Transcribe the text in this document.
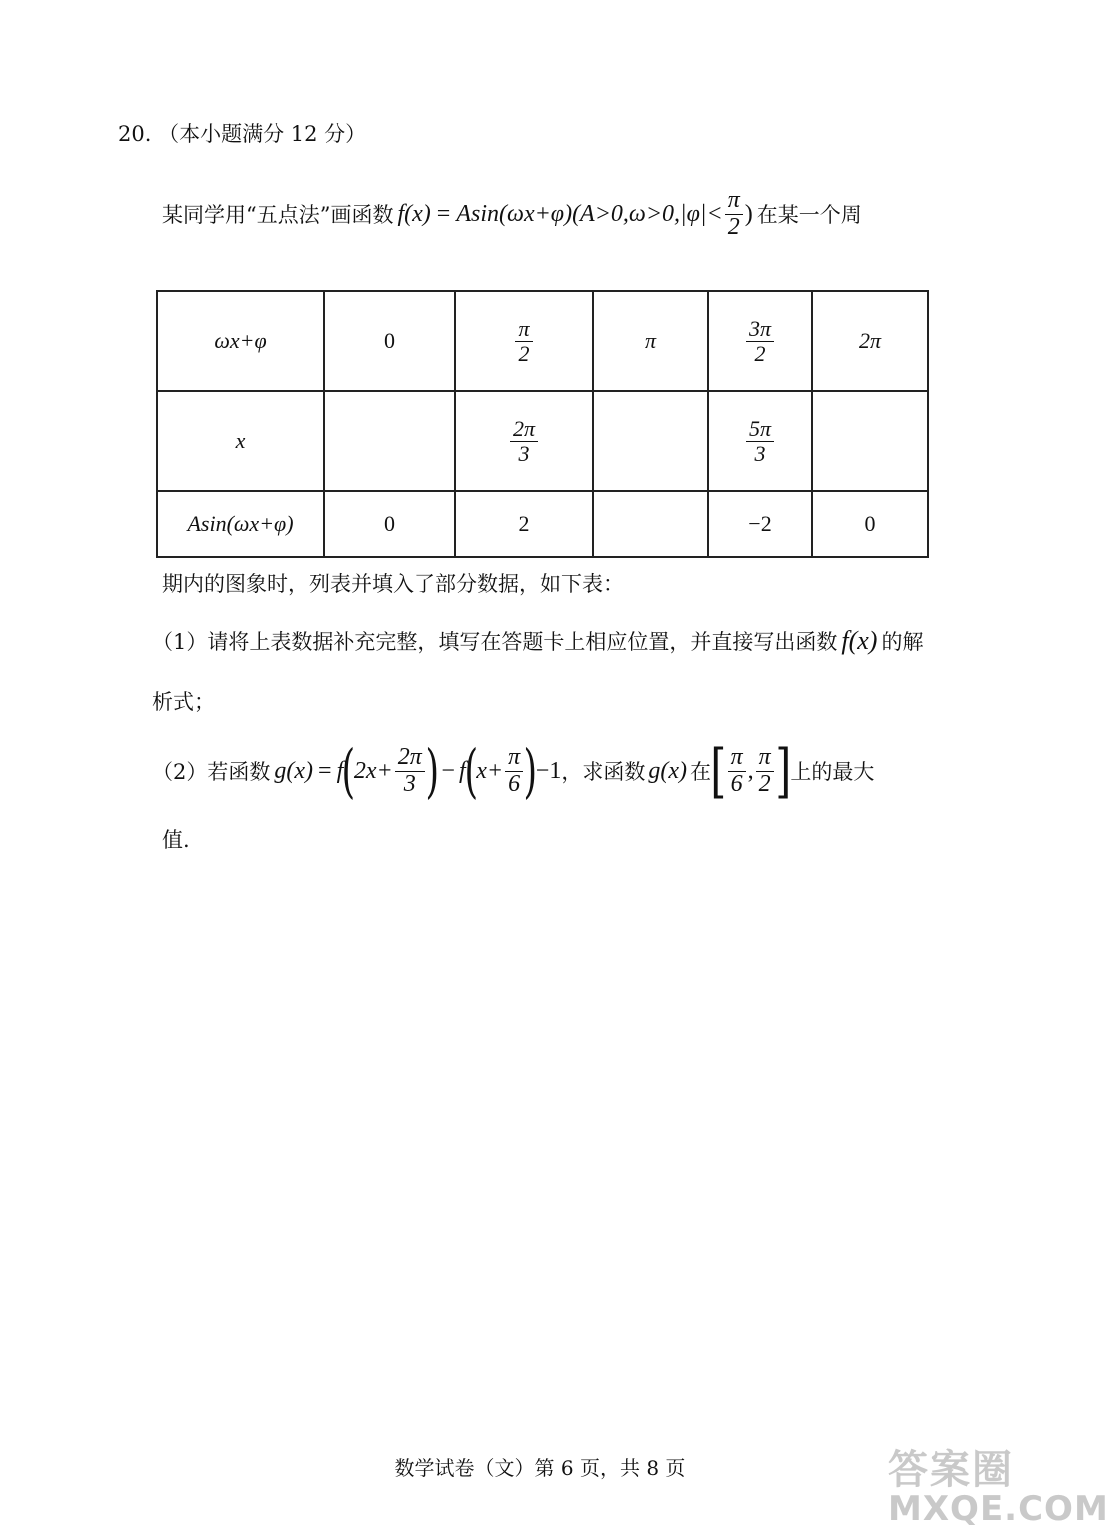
20. （本小题满分 12 分）
某同学用“五点法”画函数 $f(x) = Asin(\omega x+\varphi)(A>0,\omega>0,|\varphi|< \frac{\pi}{2}$ ) 在某一个周
ωx+φ	0	$\frac{\pi}{2}$	π	$\frac{3\pi}{2}$	2π
x		$\frac{2\pi}{3}$		$\frac{5\pi}{3}$

Asin(ωx+φ)	0	2		−2	0
期内的图象时，列表并填入了部分数据，如下表：
（1）请将上表数据补充完整，填写在答题卡上相应位置，并直接写出函数 f(x) 的解
析式；
（2）若函数 g(x) = f
(
$2x+ \frac{2\pi}{3}$ ) − f
(
$x+ \frac{\pi}{6}$ )
−1 ，求函数 g(x) 在 [ $\frac{\pi}{6}$ , $\frac{\pi}{2}$ ] 上的最大
值.
数学试卷（文）第 6 页，共 8 页	答案圈
MXQE.COM
